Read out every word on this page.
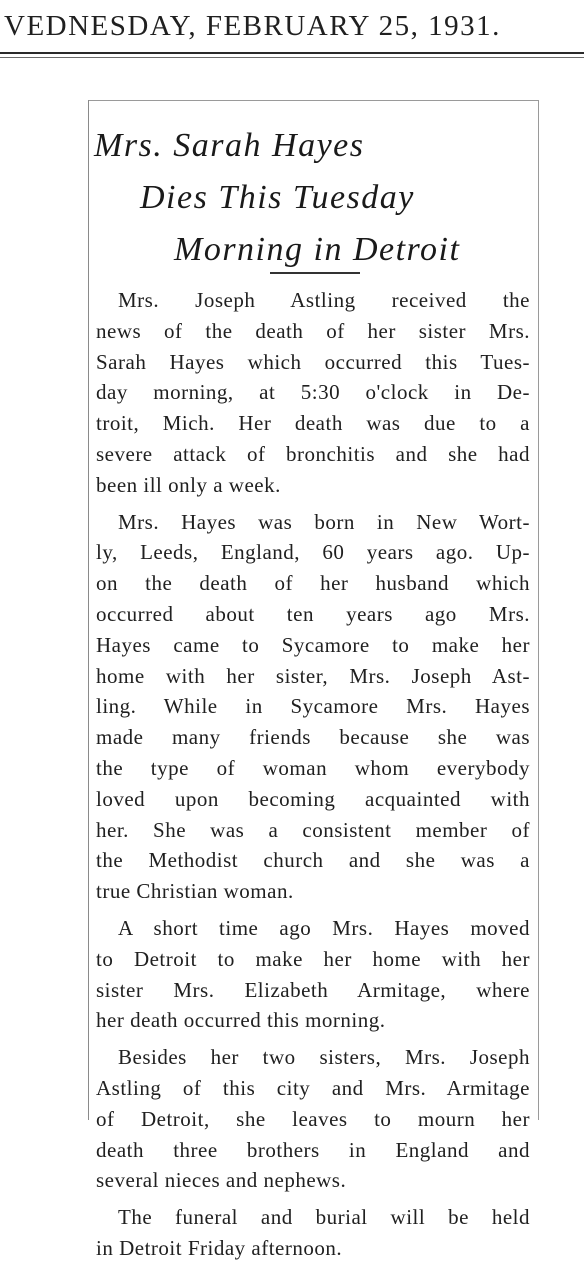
VEDNESDAY, FEBRUARY 25, 1931.
Mrs. Sarah Hayes
Dies This Tuesday
Morning in Detroit
Mrs. Joseph Astling received the
news of the death of her sister Mrs.
Sarah Hayes which occurred this Tues-
day morning, at 5:30 o'clock in De-
troit, Mich. Her death was due to a
severe attack of bronchitis and she had
been ill only a week.
Mrs. Hayes was born in New Wort-
ly, Leeds, England, 60 years ago. Up-
on the death of her husband which
occurred about ten years ago Mrs.
Hayes came to Sycamore to make her
home with her sister, Mrs. Joseph Ast-
ling. While in Sycamore Mrs. Hayes
made many friends because she was
the type of woman whom everybody
loved upon becoming acquainted with
her. She was a consistent member of
the Methodist church and she was a
true Christian woman.
A short time ago Mrs. Hayes moved
to Detroit to make her home with her
sister Mrs. Elizabeth Armitage, where
her death occurred this morning.
Besides her two sisters, Mrs. Joseph
Astling of this city and Mrs. Armitage
of Detroit, she leaves to mourn her
death three brothers in England and
several nieces and nephews.
The funeral and burial will be held
in Detroit Friday afternoon.
